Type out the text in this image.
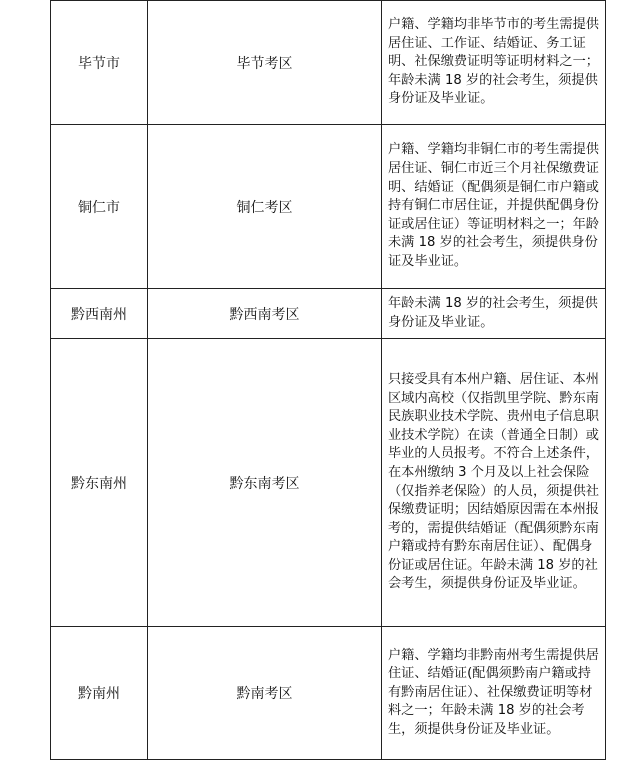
毕节市	毕节考区	户籍、学籍均非毕节市的考生需提供居住证、工作证、结婚证、务工证明、社保缴费证明等证明材料之一；年龄未满 18 岁的社会考生，须提供身份证及毕业证。
铜仁市	铜仁考区	户籍、学籍均非铜仁市的考生需提供居住证、铜仁市近三个月社保缴费证明、结婚证（配偶须是铜仁市户籍或持有铜仁市居住证，并提供配偶身份证或居住证）等证明材料之一；年龄未满 18 岁的社会考生，须提供身份证及毕业证。
黔西南州	黔西南考区	年龄未满 18 岁的社会考生，须提供身份证及毕业证。
黔东南州	黔东南考区	只接受具有本州户籍、居住证、本州区域内高校（仅指凯里学院、黔东南民族职业技术学院、贵州电子信息职业技术学院）在读（普通全日制）或毕业的人员报考。不符合上述条件，在本州缴纳 3 个月及以上社会保险（仅指养老保险）的人员，须提供社保缴费证明；因结婚原因需在本州报考的，需提供结婚证（配偶须黔东南户籍或持有黔东南居住证）、配偶身份证或居住证。年龄未满 18 岁的社会考生，须提供身份证及毕业证。
黔南州	黔南考区	户籍、学籍均非黔南州考生需提供居住证、结婚证(配偶须黔南户籍或持有黔南居住证）、社保缴费证明等材料之一；年龄未满 18 岁的社会考生，须提供身份证及毕业证。
